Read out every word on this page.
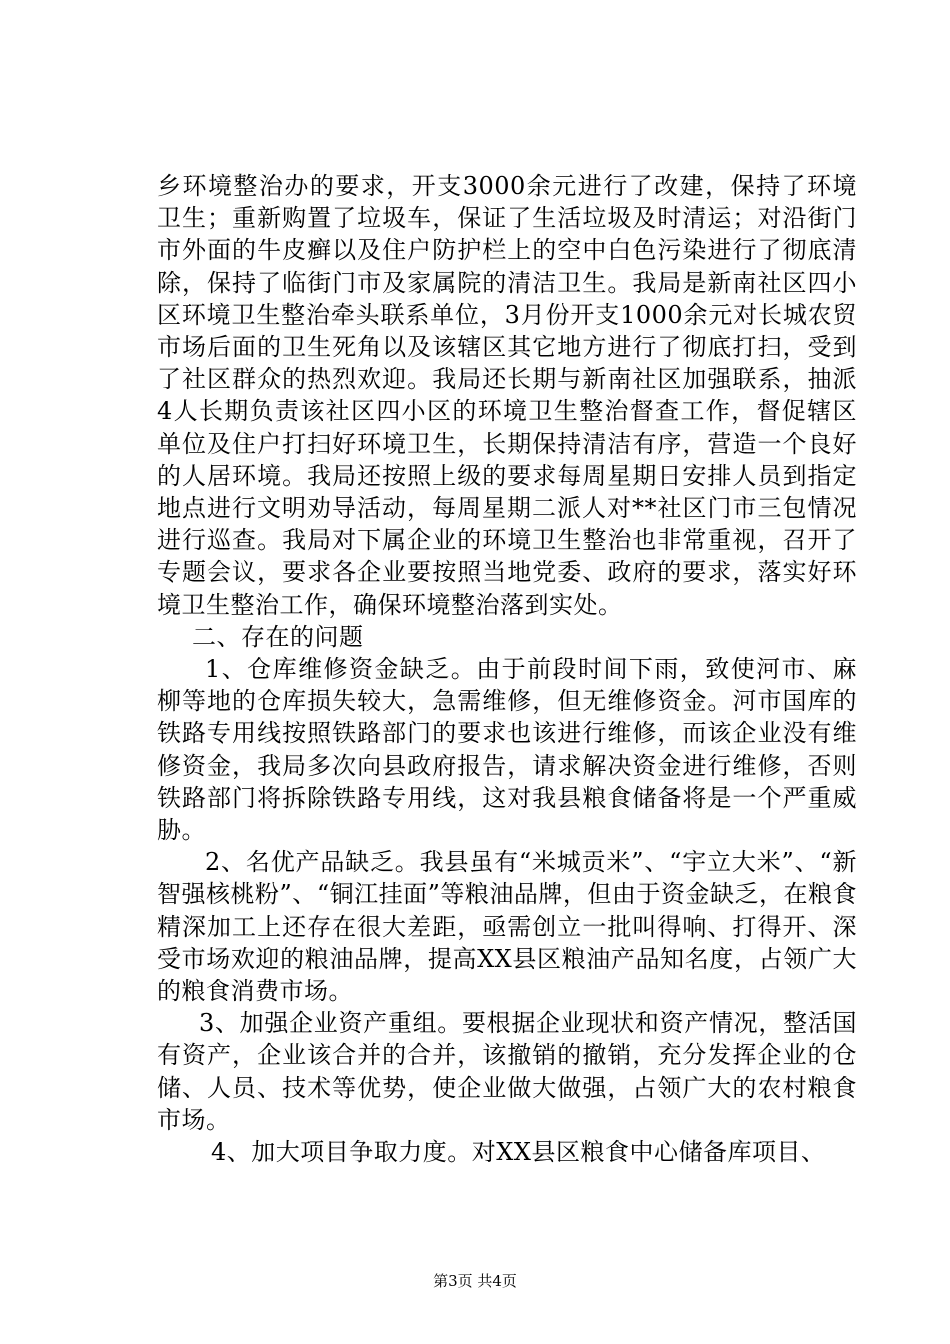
乡环境整治办的要求，开支3000余元进行了改建，保持了环境卫生；重新购置了垃圾车，保证了生活垃圾及时清运；对沿街门市外面的牛皮癣以及住户防护栏上的空中白色污染进行了彻底清除，保持了临街门市及家属院的清洁卫生。我局是新南社区四小区环境卫生整治牵头联系单位，3月份开支1000余元对长城农贸市场后面的卫生死角以及该辖区其它地方进行了彻底打扫，受到了社区群众的热烈欢迎。我局还长期与新南社区加强联系，抽派4人长期负责该社区四小区的环境卫生整治督查工作，督促辖区单位及住户打扫好环境卫生，长期保持清洁有序，营造一个良好的人居环境。我局还按照上级的要求每周星期日安排人员到指定地点进行文明劝导活动，每周星期二派人对**社区门市三包情况进行巡查。我局对下属企业的环境卫生整治也非常重视，召开了专题会议，要求各企业要按照当地党委、政府的要求，落实好环境卫生整治工作，确保环境整治落到实处。

二、存在的问题

1、仓库维修资金缺乏。由于前段时间下雨，致使河市、麻柳等地的仓库损失较大，急需维修，但无维修资金。河市国库的铁路专用线按照铁路部门的要求也该进行维修，而该企业没有维修资金，我局多次向县政府报告，请求解决资金进行维修，否则铁路部门将拆除铁路专用线，这对我县粮食储备将是一个严重威胁。

2、名优产品缺乏。我县虽有“米城贡米”、“宇立大米”、“新智强核桃粉”、“铜江挂面”等粮油品牌，但由于资金缺乏，在粮食精深加工上还存在很大差距，亟需创立一批叫得响、打得开、深受市场欢迎的粮油品牌，提高XX县区粮油产品知名度，占领广大的粮食消费市场。

3、加强企业资产重组。要根据企业现状和资产情况，整活国有资产，企业该合并的合并，该撤销的撤销，充分发挥企业的仓储、人员、技术等优势，使企业做大做强，占领广大的农村粮食市场。

4、加大项目争取力度。对XX县区粮食中心储备库项目、

第3页 共4页
